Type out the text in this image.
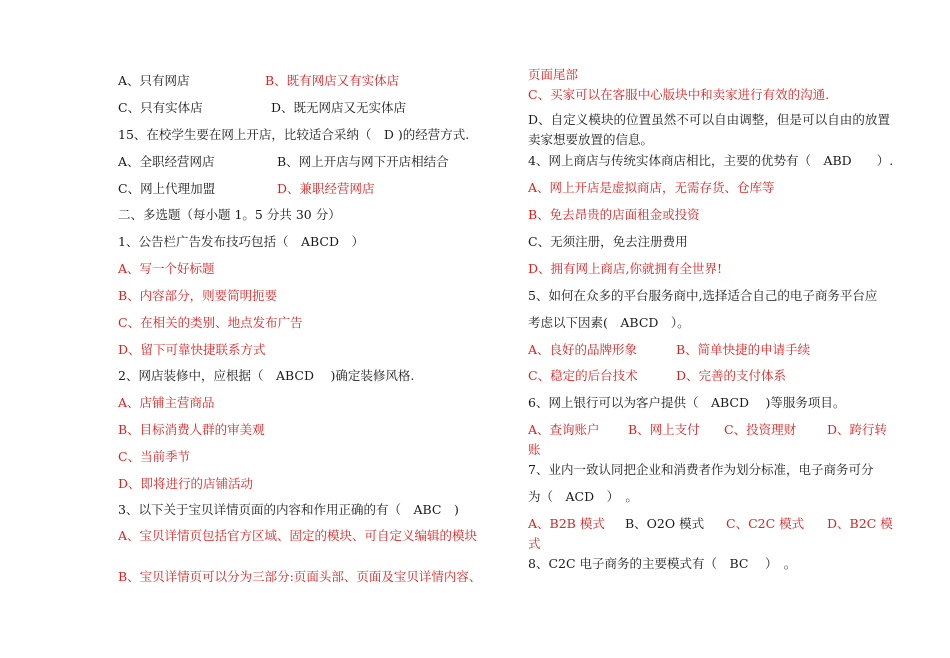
A、只有网店	B、既有网店又有实体店
C、只有实体店	D、既无网店又无实体店
15、在校学生要在网上开店，比较适合采纳（　D )的经营方式.
A、全职经营网店	B、网上开店与网下开店相结合
C、网上代理加盟	D、兼职经营网店
二、多选题（每小题 1。5 分共 30 分）
1、公告栏广告发布技巧包括（　ABCD　）
A、写一个好标题
B、内容部分，则要简明扼要
C、在相关的类别、地点发布广告
D、留下可靠快捷联系方式
2、网店装修中，应根据（　ABCD　 )确定装修风格.
A、店铺主营商品
B、目标消费人群的审美观
C、当前季节
D、即将进行的店铺活动
3、以下关于宝贝详情页面的内容和作用正确的有（　ABC　)
A、宝贝详情页包括官方区域、固定的模块、可自定义编辑的模块
B、宝贝详情页可以分为三部分:页面头部、页面及宝贝详情内容、
页面尾部
C、买家可以在客服中心版块中和卖家进行有效的沟通.
D、自定义模块的位置虽然不可以自由调整，但是可以自由的放置卖家想要放置的信息。
4、网上商店与传统实体商店相比，主要的优势有（　ABD　　）.
A、网上开店是虚拟商店，无需存货、仓库等
B、免去昂贵的店面租金或投资
C、无须注册，免去注册费用
D、拥有网上商店,你就拥有全世界!
5、如何在众多的平台服务商中,选择适合自己的电子商务平台应
考虑以下因素(　ABCD　）。
A、良好的品牌形象	B、简单快捷的申请手续
C、稳定的后台技术	D、完善的支付体系
6、网上银行可以为客户提供（　ABCD　 )等服务项目。
A、查询账户 B、网上支付 C、投资理财 D、跨行转
账
7、业内一致认同把企业和消费者作为划分标准，电子商务可分
为（　ACD　）　。
A、B2B 模式 B、O2O 模式 C、C2C 模式 D、B2C 模
式
8、C2C 电子商务的主要模式有（　BC　 ）　。
